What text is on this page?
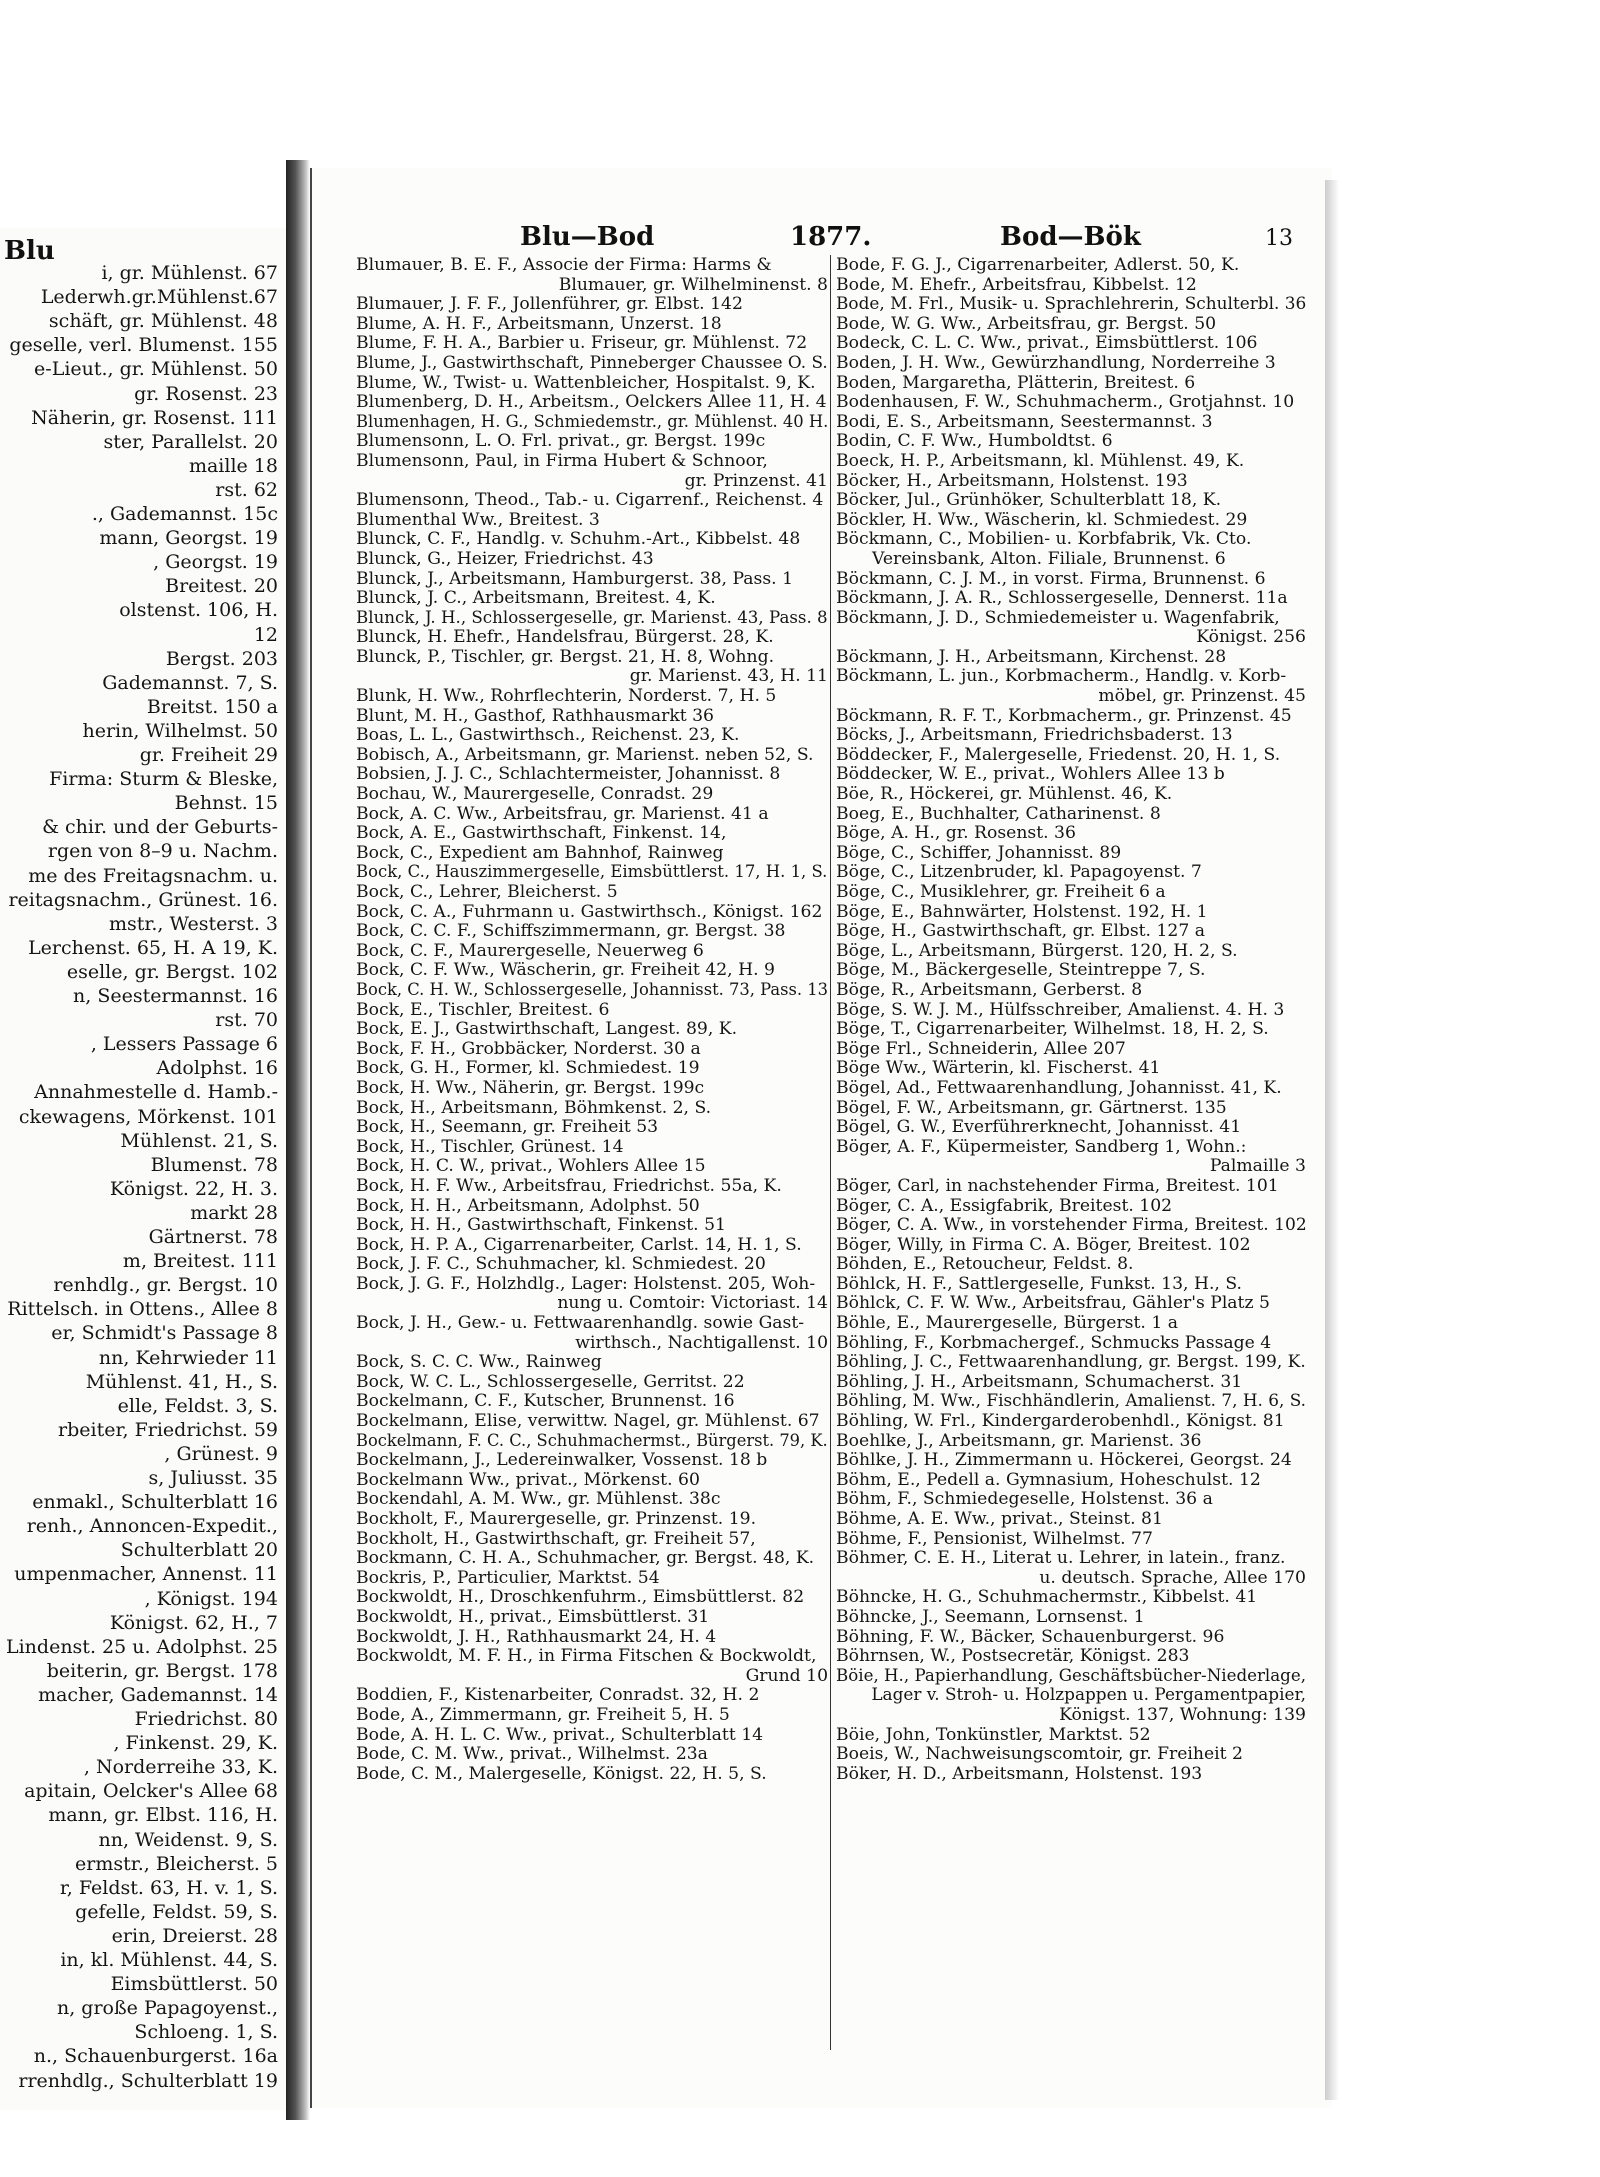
Blu
i, gr. Mühlenst. 67
Lederwh.gr.Mühlenst.67
schäft, gr. Mühlenst. 48
geselle, verl. Blumenst. 155
e-Lieut., gr. Mühlenst. 50
gr. Rosenst. 23
Näherin, gr. Rosenst. 111
ster, Parallelst. 20
maille 18
rst. 62
., Gademannst. 15c
mann, Georgst. 19
, Georgst. 19
Breitest. 20
olstenst. 106, H.
12
Bergst. 203
Gademannst. 7, S.
Breitst. 150 a
herin, Wilhelmst. 50
gr. Freiheit 29
Firma: Sturm & Bleske,
Behnst. 15
& chir. und der Geburts-
rgen von 8–9 u. Nachm.
me des Freitagsnachm. u.
reitagsnachm., Grünest. 16.
mstr., Westerst. 3
Lerchenst. 65, H. A 19, K.
eselle, gr. Bergst. 102
n, Seestermannst. 16
rst. 70
, Lessers Passage 6
Adolphst. 16
Annahmestelle d. Hamb.-
ckewagens, Mörkenst. 101
Mühlenst. 21, S.
Blumenst. 78
Königst. 22, H. 3.
markt 28
Gärtnerst. 78
m, Breitest. 111
renhdlg., gr. Bergst. 10
Rittelsch. in Ottens., Allee 8
er, Schmidt's Passage 8
nn, Kehrwieder 11
Mühlenst. 41, H., S.
elle, Feldst. 3, S.
rbeiter, Friedrichst. 59
, Grünest. 9
s, Juliusst. 35
enmakl., Schulterblatt 16
renh., Annoncen-Expedit.,
Schulterblatt 20
umpenmacher, Annenst. 11
, Königst. 194
Königst. 62, H., 7
Lindenst. 25 u. Adolphst. 25
beiterin, gr. Bergst. 178
macher, Gademannst. 14
Friedrichst. 80
, Finkenst. 29, K.
, Norderreihe 33, K.
apitain, Oelcker's Allee 68
mann, gr. Elbst. 116, H.
nn, Weidenst. 9, S.
ermstr., Bleicherst. 5
r, Feldst. 63, H. v. 1, S.
gefelle, Feldst. 59, S.
erin, Dreierst. 28
in, kl. Mühlenst. 44, S.
Eimsbüttlerst. 50
n, große Papagoyenst.,
Schloeng. 1, S.
n., Schauenburgerst. 16a
rrenhdlg., Schulterblatt 19
Blu—Bod	1877.	Bod—Bök	13
Blumauer, B. E. F., Associe der Firma: Harms &
Blumauer, gr. Wilhelminenst. 8
Blumauer, J. F. F., Jollenführer, gr. Elbst. 142
Blume, A. H. F., Arbeitsmann, Unzerst. 18
Blume, F. H. A., Barbier u. Friseur, gr. Mühlenst. 72
Blume, J., Gastwirthschaft, Pinneberger Chaussee O. S.
Blume, W., Twist- u. Wattenbleicher, Hospitalst. 9, K.
Blumenberg, D. H., Arbeitsm., Oelckers Allee 11, H. 4
Blumenhagen, H. G., Schmiedemstr., gr. Mühlenst. 40 H.
Blumensonn, L. O. Frl. privat., gr. Bergst. 199c
Blumensonn, Paul, in Firma Hubert & Schnoor,
gr. Prinzenst. 41
Blumensonn, Theod., Tab.- u. Cigarrenf., Reichenst. 4
Blumenthal Ww., Breitest. 3
Blunck, C. F., Handlg. v. Schuhm.-Art., Kibbelst. 48
Blunck, G., Heizer, Friedrichst. 43
Blunck, J., Arbeitsmann, Hamburgerst. 38, Pass. 1
Blunck, J. C., Arbeitsmann, Breitest. 4, K.
Blunck, J. H., Schlossergeselle, gr. Marienst. 43, Pass. 8
Blunck, H. Ehefr., Handelsfrau, Bürgerst. 28, K.
Blunck, P., Tischler, gr. Bergst. 21, H. 8, Wohng.
gr. Marienst. 43, H. 11
Blunk, H. Ww., Rohrflechterin, Norderst. 7, H. 5
Blunt, M. H., Gasthof, Rathhausmarkt 36
Boas, L. L., Gastwirthsch., Reichenst. 23, K.
Bobisch, A., Arbeitsmann, gr. Marienst. neben 52, S.
Bobsien, J. J. C., Schlachtermeister, Johannisst. 8
Bochau, W., Maurergeselle, Conradst. 29
Bock, A. C. Ww., Arbeitsfrau, gr. Marienst. 41 a
Bock, A. E., Gastwirthschaft, Finkenst. 14,
Bock, C., Expedient am Bahnhof, Rainweg
Bock, C., Hauszimmergeselle, Eimsbüttlerst. 17, H. 1, S.
Bock, C., Lehrer, Bleicherst. 5
Bock, C. A., Fuhrmann u. Gastwirthsch., Königst. 162
Bock, C. C. F., Schiffszimmermann, gr. Bergst. 38
Bock, C. F., Maurergeselle, Neuerweg 6
Bock, C. F. Ww., Wäscherin, gr. Freiheit 42, H. 9
Bock, C. H. W., Schlossergeselle, Johannisst. 73, Pass. 13
Bock, E., Tischler, Breitest. 6
Bock, E. J., Gastwirthschaft, Langest. 89, K.
Bock, F. H., Grobbäcker, Norderst. 30 a
Bock, G. H., Former, kl. Schmiedest. 19
Bock, H. Ww., Näherin, gr. Bergst. 199c
Bock, H., Arbeitsmann, Böhmkenst. 2, S.
Bock, H., Seemann, gr. Freiheit 53
Bock, H., Tischler, Grünest. 14
Bock, H. C. W., privat., Wohlers Allee 15
Bock, H. F. Ww., Arbeitsfrau, Friedrichst. 55a, K.
Bock, H. H., Arbeitsmann, Adolphst. 50
Bock, H. H., Gastwirthschaft, Finkenst. 51
Bock, H. P. A., Cigarrenarbeiter, Carlst. 14, H. 1, S.
Bock, J. F. C., Schuhmacher, kl. Schmiedest. 20
Bock, J. G. F., Holzhdlg., Lager: Holstenst. 205, Woh-
nung u. Comtoir: Victoriast. 14
Bock, J. H., Gew.- u. Fettwaarenhandlg. sowie Gast-
wirthsch., Nachtigallenst. 10
Bock, S. C. C. Ww., Rainweg
Bock, W. C. L., Schlossergeselle, Gerritst. 22
Bockelmann, C. F., Kutscher, Brunnenst. 16
Bockelmann, Elise, verwittw. Nagel, gr. Mühlenst. 67
Bockelmann, F. C. C., Schuhmachermst., Bürgerst. 79, K.
Bockelmann, J., Ledereinwalker, Vossenst. 18 b
Bockelmann Ww., privat., Mörkenst. 60
Bockendahl, A. M. Ww., gr. Mühlenst. 38c
Bockholt, F., Maurergeselle, gr. Prinzenst. 19.
Bockholt, H., Gastwirthschaft, gr. Freiheit 57,
Bockmann, C. H. A., Schuhmacher, gr. Bergst. 48, K.
Bockris, P., Particulier, Marktst. 54
Bockwoldt, H., Droschkenfuhrm., Eimsbüttlerst. 82
Bockwoldt, H., privat., Eimsbüttlerst. 31
Bockwoldt, J. H., Rathhausmarkt 24, H. 4
Bockwoldt, M. F. H., in Firma Fitschen & Bockwoldt,
Grund 10
Boddien, F., Kistenarbeiter, Conradst. 32, H. 2
Bode, A., Zimmermann, gr. Freiheit 5, H. 5
Bode, A. H. L. C. Ww., privat., Schulterblatt 14
Bode, C. M. Ww., privat., Wilhelmst. 23a
Bode, C. M., Malergeselle, Königst. 22, H. 5, S.
Bode, F. G. J., Cigarrenarbeiter, Adlerst. 50, K.
Bode, M. Ehefr., Arbeitsfrau, Kibbelst. 12
Bode, M. Frl., Musik- u. Sprachlehrerin, Schulterbl. 36
Bode, W. G. Ww., Arbeitsfrau, gr. Bergst. 50
Bodeck, C. L. C. Ww., privat., Eimsbüttlerst. 106
Boden, J. H. Ww., Gewürzhandlung, Norderreihe 3
Boden, Margaretha, Plätterin, Breitest. 6
Bodenhausen, F. W., Schuhmacherm., Grotjahnst. 10
Bodi, E. S., Arbeitsmann, Seestermannst. 3
Bodin, C. F. Ww., Humboldtst. 6
Boeck, H. P., Arbeitsmann, kl. Mühlenst. 49, K.
Böcker, H., Arbeitsmann, Holstenst. 193
Böcker, Jul., Grünhöker, Schulterblatt 18, K.
Böckler, H. Ww., Wäscherin, kl. Schmiedest. 29
Böckmann, C., Mobilien- u. Korbfabrik, Vk. Cto.
Vereinsbank, Alton. Filiale, Brunnenst. 6
Böckmann, C. J. M., in vorst. Firma, Brunnenst. 6
Böckmann, J. A. R., Schlossergeselle, Dennerst. 11a
Böckmann, J. D., Schmiedemeister u. Wagenfabrik,
Königst. 256
Böckmann, J. H., Arbeitsmann, Kirchenst. 28
Böckmann, L. jun., Korbmacherm., Handlg. v. Korb-
möbel, gr. Prinzenst. 45
Böckmann, R. F. T., Korbmacherm., gr. Prinzenst. 45
Böcks, J., Arbeitsmann, Friedrichsbaderst. 13
Böddecker, F., Malergeselle, Friedenst. 20, H. 1, S.
Böddecker, W. E., privat., Wohlers Allee 13 b
Böe, R., Höckerei, gr. Mühlenst. 46, K.
Boeg, E., Buchhalter, Catharinenst. 8
Böge, A. H., gr. Rosenst. 36
Böge, C., Schiffer, Johannisst. 89
Böge, C., Litzenbruder, kl. Papagoyenst. 7
Böge, C., Musiklehrer, gr. Freiheit 6 a
Böge, E., Bahnwärter, Holstenst. 192, H. 1
Böge, H., Gastwirthschaft, gr. Elbst. 127 a
Böge, L., Arbeitsmann, Bürgerst. 120, H. 2, S.
Böge, M., Bäckergeselle, Steintreppe 7, S.
Böge, R., Arbeitsmann, Gerberst. 8
Böge, S. W. J. M., Hülfsschreiber, Amalienst. 4. H. 3
Böge, T., Cigarrenarbeiter, Wilhelmst. 18, H. 2, S.
Böge Frl., Schneiderin, Allee 207
Böge Ww., Wärterin, kl. Fischerst. 41
Bögel, Ad., Fettwaarenhandlung, Johannisst. 41, K.
Bögel, F. W., Arbeitsmann, gr. Gärtnerst. 135
Bögel, G. W., Everführerknecht, Johannisst. 41
Böger, A. F., Küpermeister, Sandberg 1, Wohn.:
Palmaille 3
Böger, Carl, in nachstehender Firma, Breitest. 101
Böger, C. A., Essigfabrik, Breitest. 102
Böger, C. A. Ww., in vorstehender Firma, Breitest. 102
Böger, Willy, in Firma C. A. Böger, Breitest. 102
Böhden, E., Retoucheur, Feldst. 8.
Böhlck, H. F., Sattlergeselle, Funkst. 13, H., S.
Böhlck, C. F. W. Ww., Arbeitsfrau, Gähler's Platz 5
Böhle, E., Maurergeselle, Bürgerst. 1 a
Böhling, F., Korbmachergef., Schmucks Passage 4
Böhling, J. C., Fettwaarenhandlung, gr. Bergst. 199, K.
Böhling, J. H., Arbeitsmann, Schumacherst. 31
Böhling, M. Ww., Fischhändlerin, Amalienst. 7, H. 6, S.
Böhling, W. Frl., Kindergarderobenhdl., Königst. 81
Boehlke, J., Arbeitsmann, gr. Marienst. 36
Böhlke, J. H., Zimmermann u. Höckerei, Georgst. 24
Böhm, E., Pedell a. Gymnasium, Hoheschulst. 12
Böhm, F., Schmiedegeselle, Holstenst. 36 a
Böhme, A. E. Ww., privat., Steinst. 81
Böhme, F., Pensionist, Wilhelmst. 77
Böhmer, C. E. H., Literat u. Lehrer, in latein., franz.
u. deutsch. Sprache, Allee 170
Böhncke, H. G., Schuhmachermstr., Kibbelst. 41
Böhncke, J., Seemann, Lornsenst. 1
Böhning, F. W., Bäcker, Schauenburgerst. 96
Böhrnsen, W., Postsecretär, Königst. 283
Böie, H., Papierhandlung, Geschäftsbücher-Niederlage,
Lager v. Stroh- u. Holzpappen u. Pergamentpapier,
Königst. 137, Wohnung: 139
Böie, John, Tonkünstler, Marktst. 52
Boeis, W., Nachweisungscomtoir, gr. Freiheit 2
Böker, H. D., Arbeitsmann, Holstenst. 193
